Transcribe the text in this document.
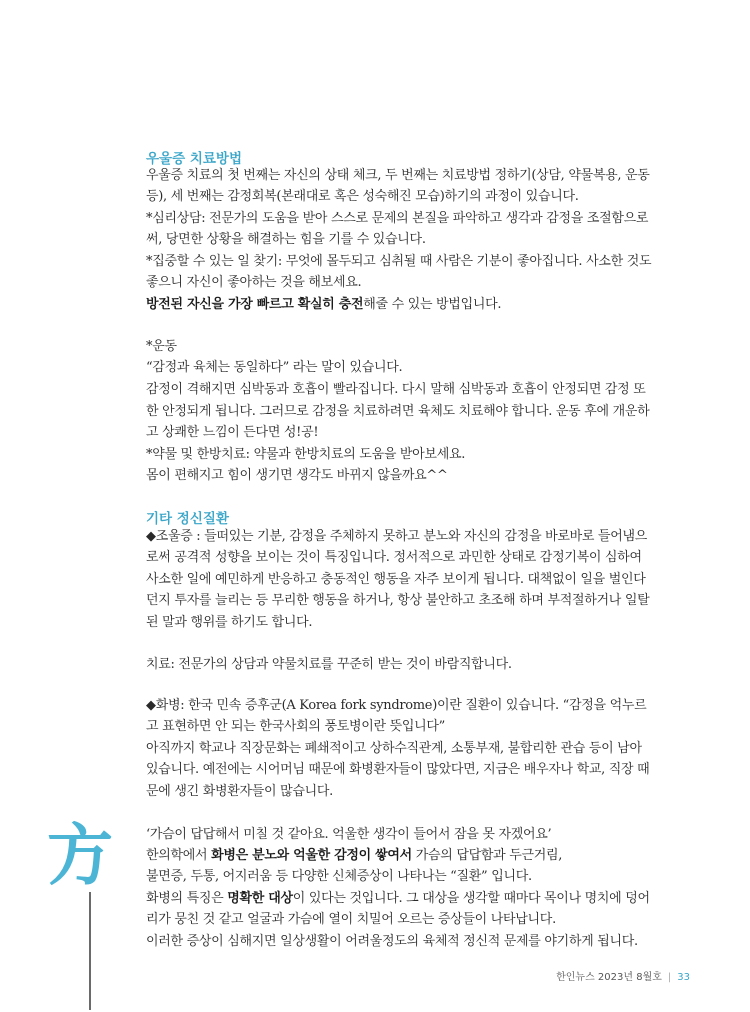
우울증 치료방법
우울증 치료의 첫 번째는 자신의 상태 체크, 두 번째는 치료방법 정하기(상담, 약물복용, 운동
등), 세 번째는 감정회복(본래대로 혹은 성숙해진 모습)하기의 과정이 있습니다.
*심리상담: 전문가의 도움을 받아 스스로 문제의 본질을 파악하고 생각과 감정을 조절함으로
써, 당면한 상황을 해결하는 힘을 기를 수 있습니다.
*집중할 수 있는 일 찾기: 무엇에 몰두되고 심취될 때 사람은 기분이 좋아집니다. 사소한 것도
좋으니 자신이 좋아하는 것을 해보세요.
방전된 자신을 가장 빠르고 확실히 충전해줄 수 있는 방법입니다.
*운동
“감정과 육체는 동일하다” 라는 말이 있습니다.
감정이 격해지면 심박동과 호흡이 빨라집니다. 다시 말해 심박동과 호흡이 안정되면 감정 또
한 안정되게 됩니다. 그러므로 감정을 치료하려면 육체도 치료해야 합니다. 운동 후에 개운하
고 상쾌한 느낌이 든다면 성!공!
*약물 및 한방치료: 약물과 한방치료의 도움을 받아보세요.
몸이 편해지고 힘이 생기면 생각도 바뀌지 않을까요^^
기타 정신질환
◆조울증 : 들떠있는 기분, 감정을 주체하지 못하고 분노와 자신의 감정을 바로바로 들어냄으
로써 공격적 성향을 보이는 것이 특징입니다. 정서적으로 과민한 상태로 감정기복이 심하여
사소한 일에 예민하게 반응하고 충동적인 행동을 자주 보이게 됩니다. 대책없이 일을 벌인다
던지 투자를 늘리는 등 무리한 행동을 하거나, 항상 불안하고 초조해 하며 부적절하거나 일탈
된 말과 행위를 하기도 합니다.
치료: 전문가의 상담과 약물치료를 꾸준히 받는 것이 바람직합니다.
◆화병: 한국 민속 증후군(A Korea fork syndrome)이란 질환이 있습니다. “감정을 억누르
고 표현하면 안 되는 한국사회의 풍토병이란 뜻입니다”
아직까지 학교나 직장문화는 폐쇄적이고 상하수직관계, 소통부재, 불합리한 관습 등이 남아
있습니다. 예전에는 시어머님 때문에 화병환자들이 많았다면, 지금은 배우자나 학교, 직장 때
문에 생긴 화병환자들이 많습니다.
‘가슴이 답답해서 미칠 것 같아요. 억울한 생각이 들어서 잠을 못 자겠어요’
한의학에서 화병은 분노와 억울한 감정이 쌓여서 가슴의 답답함과 두근거림,
불면증, 두통, 어지러움 등 다양한 신체증상이 나타나는 “질환” 입니다.
화병의 특징은 명확한 대상이 있다는 것입니다. 그 대상을 생각할 때마다 목이나 명치에 덩어
리가 뭉친 것 같고 얼굴과 가슴에 열이 치밀어 오르는 증상들이 나타납니다.
이러한 증상이 심해지면 일상생활이 어려울정도의 육체적 정신적 문제를 야기하게 됩니다.
方
한인뉴스 2023년 8월호 | 33
